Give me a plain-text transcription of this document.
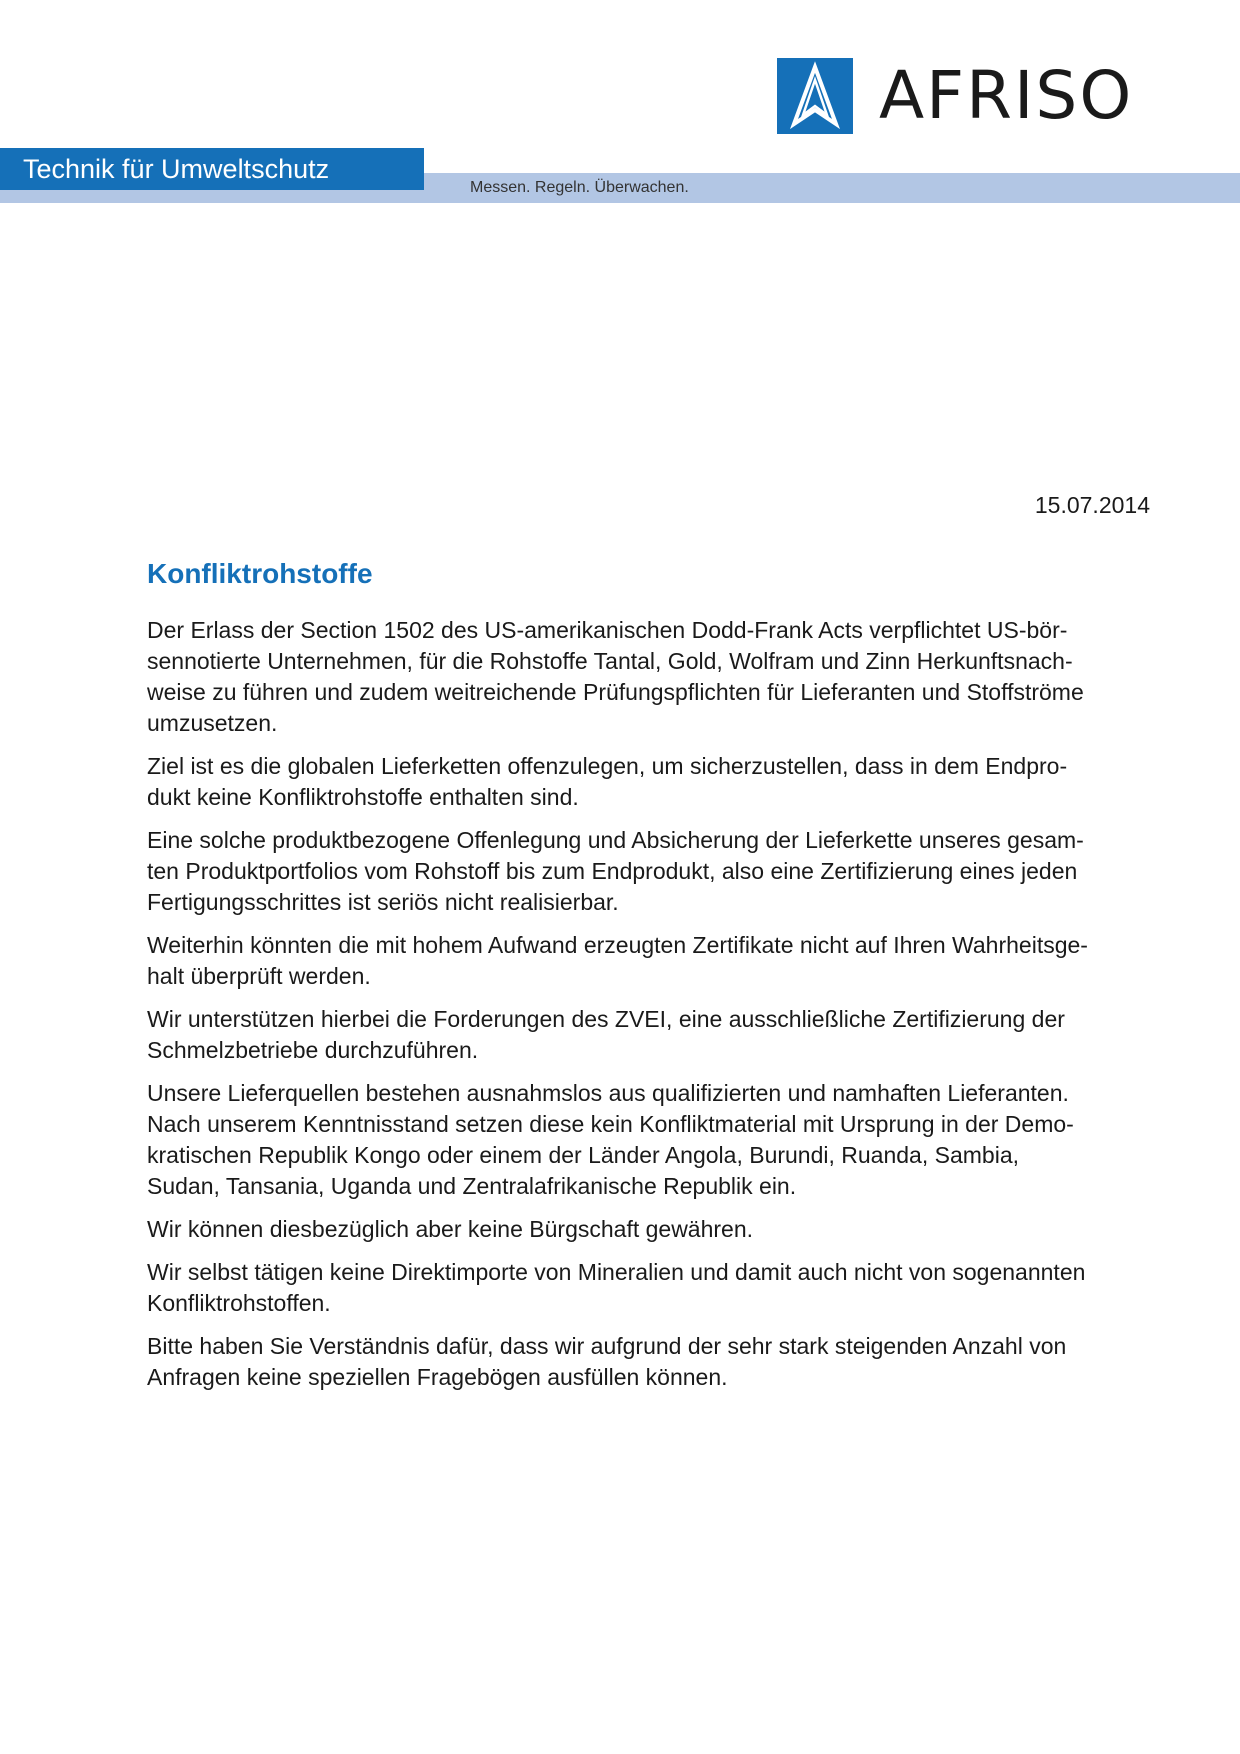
AFRISO
Technik für Umweltschutz
Messen. Regeln. Überwachen.
15.07.2014
Konfliktrohstoffe

Der Erlass der Section 1502 des US-amerikanischen Dodd-Frank Acts verpflichtet US-bör-
sennotierte Unternehmen, für die Rohstoffe Tantal, Gold, Wolfram und Zinn Herkunftsnach-
weise zu führen und zudem weitreichende Prüfungspflichten für Lieferanten und Stoffströme
umzusetzen.

Ziel ist es die globalen Lieferketten offenzulegen, um sicherzustellen, dass in dem Endpro-
dukt keine Konfliktrohstoffe enthalten sind.

Eine solche produktbezogene Offenlegung und Absicherung der Lieferkette unseres gesam-
ten Produktportfolios vom Rohstoff bis zum Endprodukt, also eine Zertifizierung eines jeden
Fertigungsschrittes ist seriös nicht realisierbar.

Weiterhin könnten die mit hohem Aufwand erzeugten Zertifikate nicht auf Ihren Wahrheitsge-
halt überprüft werden.

Wir unterstützen hierbei die Forderungen des ZVEI, eine ausschließliche Zertifizierung der
Schmelzbetriebe durchzuführen.

Unsere Lieferquellen bestehen ausnahmslos aus qualifizierten und namhaften Lieferanten.
Nach unserem Kenntnisstand setzen diese kein Konfliktmaterial mit Ursprung in der Demo-
kratischen Republik Kongo oder einem der Länder Angola, Burundi, Ruanda, Sambia,
Sudan, Tansania, Uganda und Zentralafrikanische Republik ein.

Wir können diesbezüglich aber keine Bürgschaft gewähren.

Wir selbst tätigen keine Direktimporte von Mineralien und damit auch nicht von sogenannten
Konfliktrohstoffen.

Bitte haben Sie Verständnis dafür, dass wir aufgrund der sehr stark steigenden Anzahl von
Anfragen keine speziellen Fragebögen ausfüllen können.
